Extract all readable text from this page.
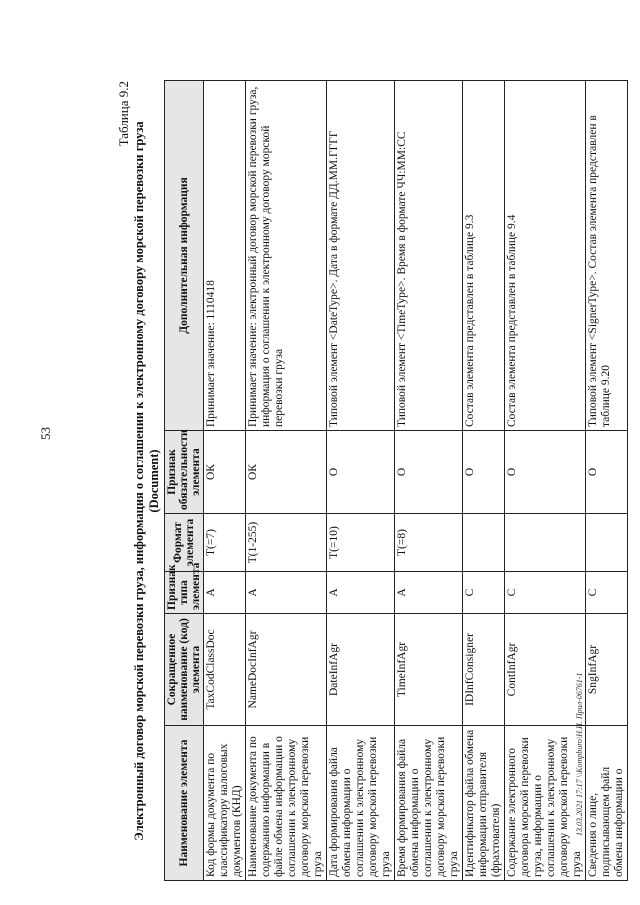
53
Таблица 9.2
Электронный договор морской перевозки груза, информация о соглашении к электронному договору морской перевозки груза (Document)
Наименование элемента	Сокращенное наименование (код) элемента	Признак типа элемента	Формат элемента	Признак обязательности элемента	Дополнительная информация
Код формы документа по классификатору налоговых документов (КНД)	TaxCodClassDoc	А	Т(=7)	ОК	Принимает значение: 1110418
Наименование документа по содержанию информации в файле обмена информации о соглашении к электронному договору морской перевозки груза	NameDocInfAgr	А	Т(1-255)	ОК	Принимает значение: электронный договор морской перевозки груза, информация о соглашении к электронному договору морской перевозки груза
Дата формирования файла обмена информации о соглашении к электронному договору морской перевозки груза	DateInfAgr	А	Т(=10)	О	Типовой элемент <DateType>. Дата в формате ДД.ММ.ГГГГ
Время формирования файла обмена информации о соглашении к электронному договору морской перевозки груза	TimeInfAgr	А	Т(=8)	О	Типовой элемент <TimeType>. Время в формате ЧЧ:ММ:СС
Идентификатор файла обмена информации отправителя (фрахтователя)	IDInfConsigner	С		О	Состав элемента представлен в таблице 9.3
Содержание электронного договора морской перевозки груза, информации о соглашении к электронному договору морской перевозки груза	ContInfAgr	С		О	Состав элемента представлен в таблице 9.4
Сведения о лице, подписывающем файл обмена информации о	SngInfAgr	С		О	Типовой элемент <SignerType>. Состав элемента представлен в таблице 9.20
13.03.2021 17:17 \\Kompburo\Н.И. Прил-06761-1
